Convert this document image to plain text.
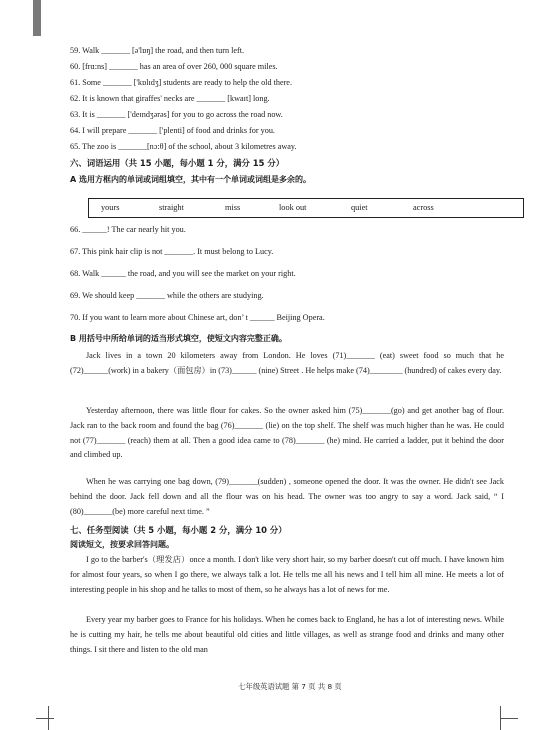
59. Walk _______ [ə'lɒŋ] the road, and then turn left.
60. [frɑ:ns] _______ has an area of over 260, 000 square miles.
61. Some _______ ['kɒlɪdʒ] students are ready to help the old there.
62. It is known that giraffes' necks are _______ [kwaɪt] long.
63. It is _______ ['deɪndʒərəs] for you to go across the road now.
64. I will prepare _______ ['plenti] of food and drinks for you.
65. The zoo is _______[nɔ:θ] of the school, about 3 kilometres away.
六、词语运用（共 15 小题，每小题 1 分，满分 15 分）
A 选用方框内的单词或词组填空，其中有一个单词或词组是多余的。
yours	straight	miss	look out	quiet	across
66. ______! The car nearly hit you.
67. This pink hair clip is not _______. It must belong to Lucy.
68. Walk ______ the road, and you will see the market on your right.
69. We should keep _______ while the others are studying.
70. If you want to learn more about Chinese art, don’ t ______ Beijing Opera.
B 用括号中所给单词的适当形式填空，使短文内容完整正确。

Jack lives in a town 20 kilometers away from London. He loves (71)_______ (eat) sweet food so much that he (72)______(work) in a bakery（面包房）in (73)______ (nine) Street . He helps make (74)________ (hundred) of cakes every day.

Yesterday afternoon, there was little flour for cakes. So the owner asked him (75)_______(go) and get another bag of flour. Jack ran to the back room and found the bag (76)_______ (lie) on the top shelf. The shelf was much higher than he was. He could not (77)_______ (reach) them at all. Then a good idea came to (78)_______ (he) mind. He carried a ladder, put it behind the door and climbed up.

When he was carrying one bag down, (79)_______(sudden) , someone opened the door. It was the owner. He didn't see Jack behind the door. Jack fell down and all the flour was on his head. The owner was too angry to say a word. Jack said, “ I (80)_______(be) more careful next time. ”

七、任务型阅读（共 5 小题，每小题 2 分，满分 10 分）
阅读短文，按要求回答问题。

I go to the barber's（理发店）once a month. I don't like very short hair, so my barber doesn't cut off much. I have known him for almost four years, so when I go there, we always talk a lot. He tells me all his news and I tell him all mine. He meets a lot of interesting people in his shop and he talks to most of them, so he always has a lot of news for me.

Every year my barber goes to France for his holidays. When he comes back to England, he has a lot of interesting news. While he is cutting my hair, he tells me about beautiful old cities and little villages, as well as strange food and drinks and many other things. I sit there and listen to the old man

七年级英语试题 第 7 页 共 8 页
